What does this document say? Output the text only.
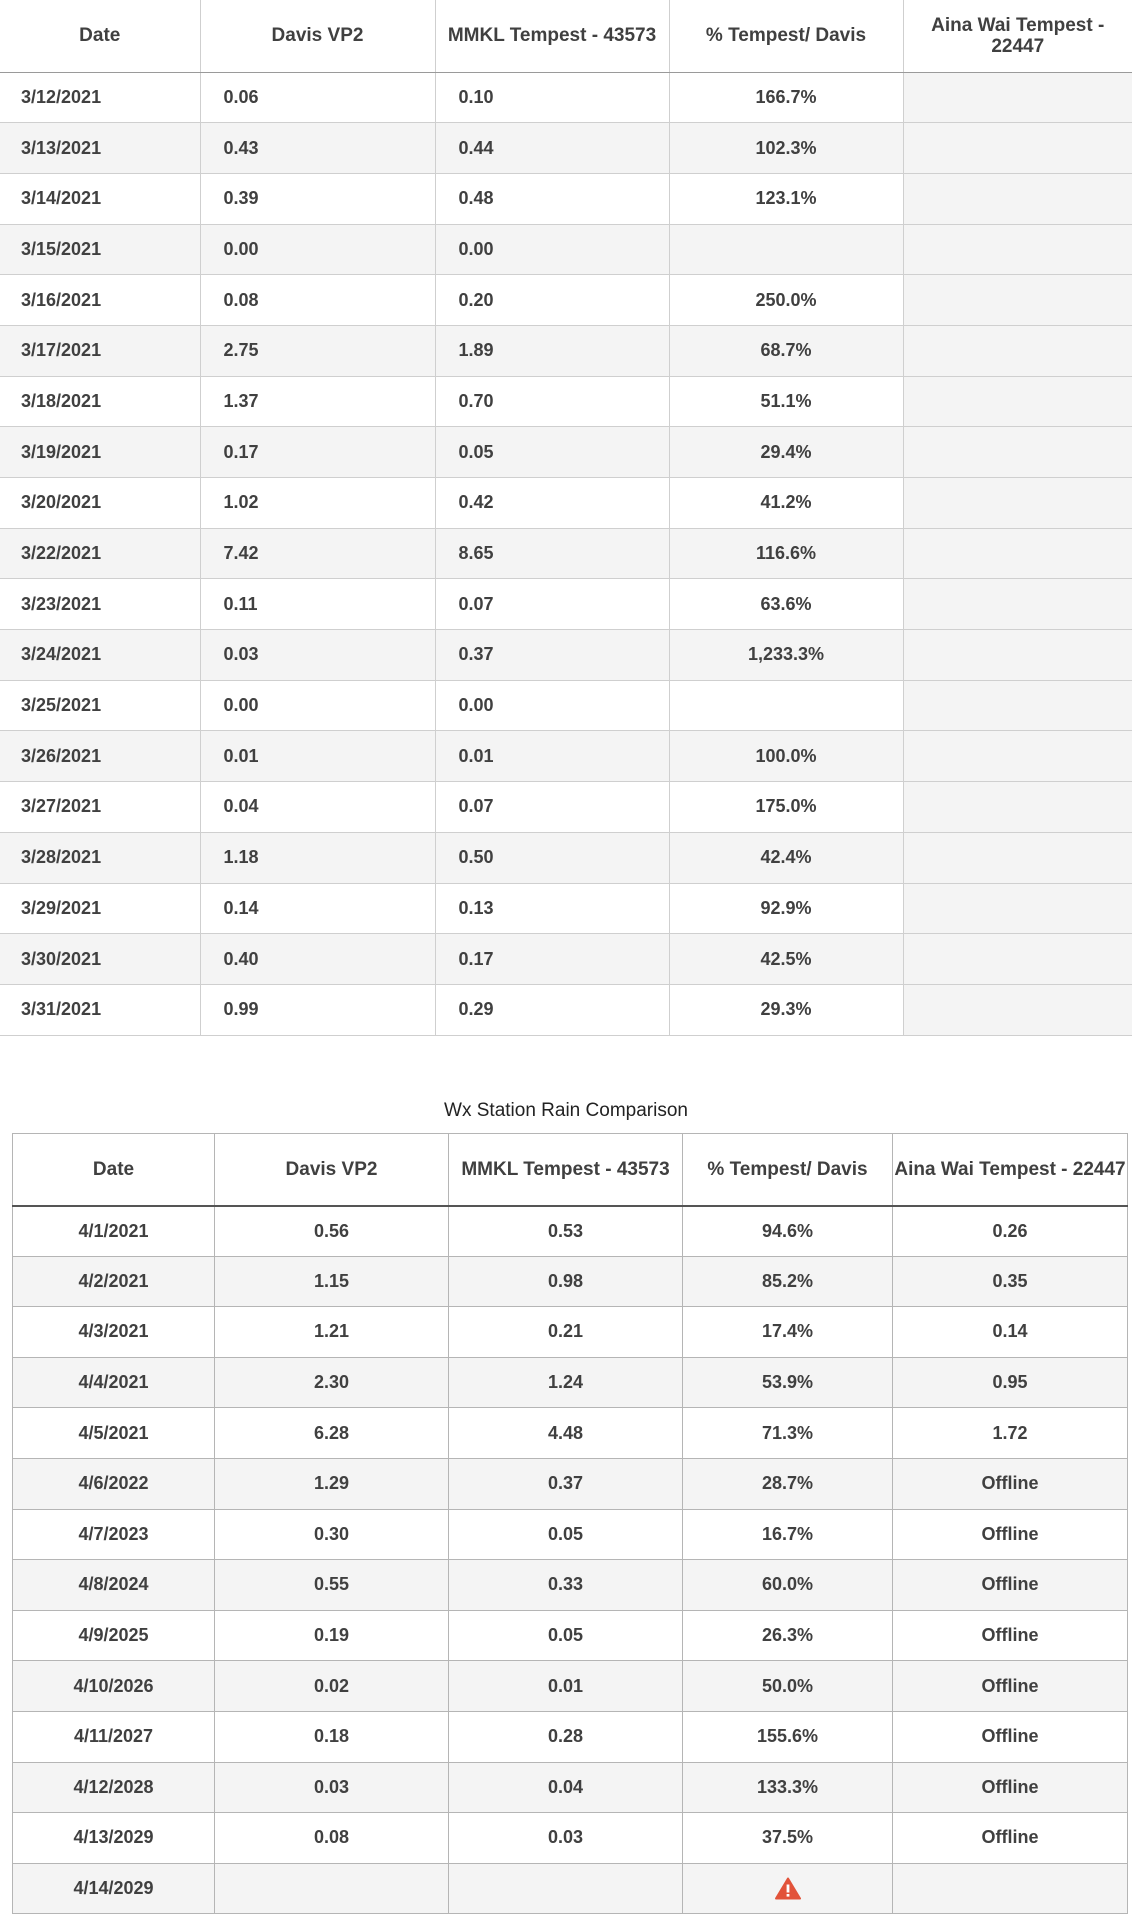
Date	Davis VP2	MMKL Tempest - 43573	% Tempest/ Davis	Aina Wai Tempest - 22447
3/12/2021	0.06	0.10	166.7%	
3/13/2021	0.43	0.44	102.3%	
3/14/2021	0.39	0.48	123.1%	
3/15/2021	0.00	0.00		
3/16/2021	0.08	0.20	250.0%	
3/17/2021	2.75	1.89	68.7%	
3/18/2021	1.37	0.70	51.1%	
3/19/2021	0.17	0.05	29.4%	
3/20/2021	1.02	0.42	41.2%	
3/22/2021	7.42	8.65	116.6%	
3/23/2021	0.11	0.07	63.6%	
3/24/2021	0.03	0.37	1,233.3%	
3/25/2021	0.00	0.00		
3/26/2021	0.01	0.01	100.0%	
3/27/2021	0.04	0.07	175.0%	
3/28/2021	1.18	0.50	42.4%	
3/29/2021	0.14	0.13	92.9%	
3/30/2021	0.40	0.17	42.5%	
3/31/2021	0.99	0.29	29.3%	
Wx Station Rain Comparison
Date	Davis VP2	MMKL Tempest - 43573	% Tempest/ Davis	Aina Wai Tempest - 22447
4/1/2021	0.56	0.53	94.6%	0.26
4/2/2021	1.15	0.98	85.2%	0.35
4/3/2021	1.21	0.21	17.4%	0.14
4/4/2021	2.30	1.24	53.9%	0.95
4/5/2021	6.28	4.48	71.3%	1.72
4/6/2022	1.29	0.37	28.7%	Offline
4/7/2023	0.30	0.05	16.7%	Offline
4/8/2024	0.55	0.33	60.0%	Offline
4/9/2025	0.19	0.05	26.3%	Offline
4/10/2026	0.02	0.01	50.0%	Offline
4/11/2027	0.18	0.28	155.6%	Offline
4/12/2028	0.03	0.04	133.3%	Offline
4/13/2029	0.08	0.03	37.5%	Offline
4/14/2029				
